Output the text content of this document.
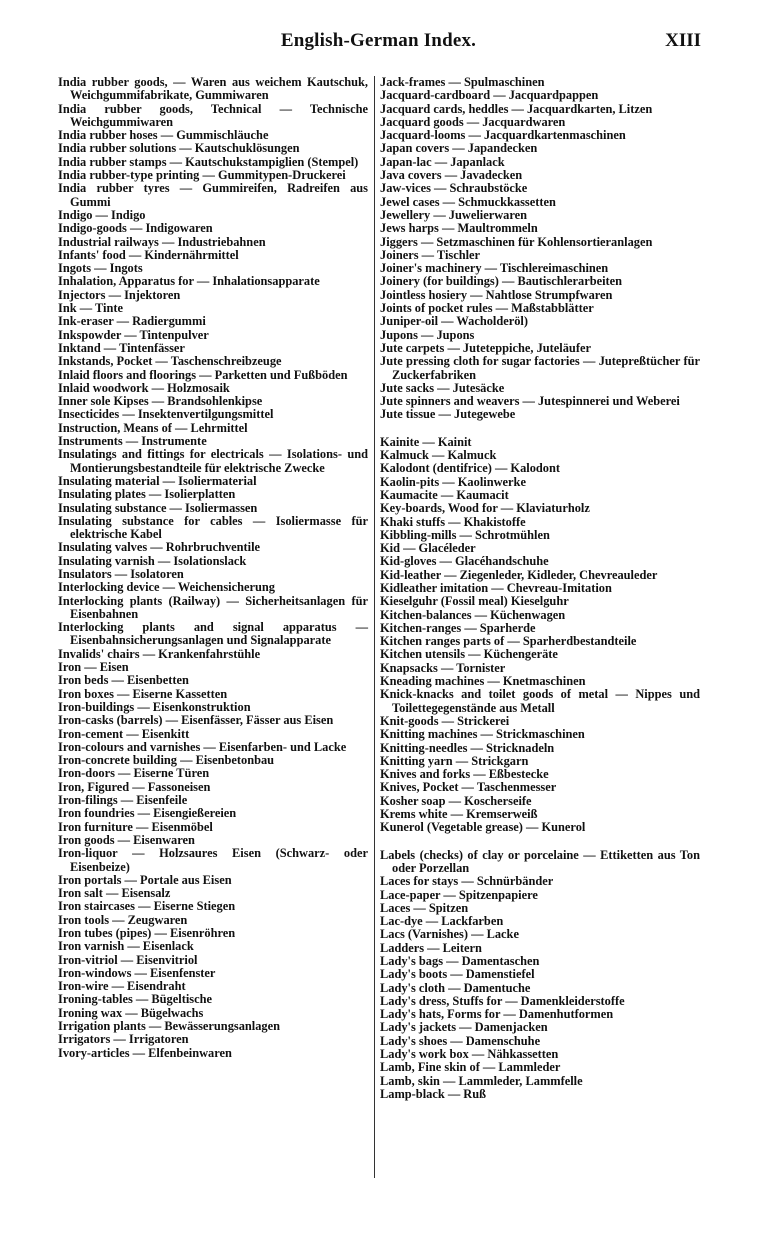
English-German Index.	XIII
India rubber goods, — Waren aus weichem Kautschuk, Weichgummifabrikate, Gummiwaren
India rubber goods, Technical — Technische Weichgummiwaren
India rubber hoses — Gummischläuche
India rubber solutions — Kautschuklösungen
India rubber stamps — Kautschukstampiglien (Stempel)
India rubber-type printing — Gummitypen-Druckerei
India rubber tyres — Gummireifen, Radreifen aus Gummi
Indigo — Indigo
Indigo-goods — Indigowaren
Industrial railways — Industriebahnen
Infants' food — Kindernährmittel
Ingots — Ingots
Inhalation, Apparatus for — Inhalationsapparate
Injectors — Injektoren
Ink — Tinte
Ink-eraser — Radiergummi
Inkspowder — Tintenpulver
Inktand — Tintenfässer
Inkstands, Pocket — Taschenschreibzeuge
Inlaid floors and floorings — Parketten und Fußböden
Inlaid woodwork — Holzmosaik
Inner sole Kipses — Brandsohlenkipse
Insecticides — Insektenvertilgungsmittel
Instruction, Means of — Lehrmittel
Instruments — Instrumente
Insulatings and fittings for electricals — Isolations- und Montierungsbestandteile für elektrische Zwecke
Insulating material — Isoliermaterial
Insulating plates — Isolierplatten
Insulating substance — Isoliermassen
Insulating substance for cables — Isoliermasse für elektrische Kabel
Insulating valves — Rohrbruchventile
Insulating varnish — Isolationslack
Insulators — Isolatoren
Interlocking device — Weichensicherung
Interlocking plants (Railway) — Sicherheitsanlagen für Eisenbahnen
Interlocking plants and signal apparatus — Eisenbahnsicherungsanlagen und Signalapparate
Invalids' chairs — Krankenfahrstühle
Iron — Eisen
Iron beds — Eisenbetten
Iron boxes — Eiserne Kassetten
Iron-buildings — Eisenkonstruktion
Iron-casks (barrels) — Eisenfässer, Fässer aus Eisen
Iron-cement — Eisenkitt
Iron-colours and varnishes — Eisenfarben- und Lacke
Iron-concrete building — Eisenbetonbau
Iron-doors — Eiserne Türen
Iron, Figured — Fassoneisen
Iron-filings — Eisenfeile
Iron foundries — Eisengießereien
Iron furniture — Eisenmöbel
Iron goods — Eisenwaren
Iron-liquor — Holzsaures Eisen (Schwarz- oder Eisenbeize)
Iron portals — Portale aus Eisen
Iron salt — Eisensalz
Iron staircases — Eiserne Stiegen
Iron tools — Zeugwaren
Iron tubes (pipes) — Eisenröhren
Iron varnish — Eisenlack
Iron-vitriol — Eisenvitriol
Iron-windows — Eisenfenster
Iron-wire — Eisendraht
Ironing-tables — Bügeltische
Ironing wax — Bügelwachs
Irrigation plants — Bewässerungsanlagen
Irrigators — Irrigatoren
Ivory-articles — Elfenbeinwaren
Jack-frames — Spulmaschinen
Jacquard-cardboard — Jacquardpappen
Jacquard cards, heddles — Jacquardkarten, Litzen
Jacquard goods — Jacquardwaren
Jacquard-looms — Jacquardkartenmaschinen
Japan covers — Japandecken
Japan-lac — Japanlack
Java covers — Javadecken
Jaw-vices — Schraubstöcke
Jewel cases — Schmuckkassetten
Jewellery — Juwelierwaren
Jews harps — Maultrommeln
Jiggers — Setzmaschinen für Kohlensortieranlagen
Joiners — Tischler
Joiner's machinery — Tischlereimaschinen
Joinery (for buildings) — Bautischlerarbeiten
Jointless hosiery — Nahtlose Strumpfwaren
Joints of pocket rules — Maßstabblätter
Juniper-oil — Wacholderöl)
Jupons — Jupons
Jute carpets — Juteteppiche, Juteläufer
Jute pressing cloth for sugar factories — Jutepreßtücher für Zuckerfabriken
Jute sacks — Jutesäcke
Jute spinners and weavers — Jutespinnerei und Weberei
Jute tissue — Jutegewebe
Kainite — Kainit
Kalmuck — Kalmuck
Kalodont (dentifrice) — Kalodont
Kaolin-pits — Kaolinwerke
Kaumacite — Kaumacit
Key-boards, Wood for — Klaviaturholz
Khaki stuffs — Khakistoffe
Kibbling-mills — Schrotmühlen
Kid — Glacéleder
Kid-gloves — Glacéhandschuhe
Kid-leather — Ziegenleder, Kidleder, Chevreauleder
Kidleather imitation — Chevreau-Imitation
Kieselguhr (Fossil meal) Kieselguhr
Kitchen-balances — Küchenwagen
Kitchen-ranges — Sparherde
Kitchen ranges parts of — Sparherdbestandteile
Kitchen utensils — Küchengeräte
Knapsacks — Tornister
Kneading machines — Knetmaschinen
Knick-knacks and toilet goods of metal — Nippes und Toilettegegenstände aus Metall
Knit-goods — Strickerei
Knitting machines — Strickmaschinen
Knitting-needles — Stricknadeln
Knitting yarn — Strickgarn
Knives and forks — Eßbestecke
Knives, Pocket — Taschenmesser
Kosher soap — Koscherseife
Krems white — Kremserweiß
Kunerol (Vegetable grease) — Kunerol
Labels (checks) of clay or porcelaine — Ettiketten aus Ton oder Porzellan
Laces for stays — Schnürbänder
Lace-paper — Spitzenpapiere
Laces — Spitzen
Lac-dye — Lackfarben
Lacs (Varnishes) — Lacke
Ladders — Leitern
Lady's bags — Damentaschen
Lady's boots — Damenstiefel
Lady's cloth — Damentuche
Lady's dress, Stuffs for — Damenkleiderstoffe
Lady's hats, Forms for — Damenhutformen
Lady's jackets — Damenjacken
Lady's shoes — Damenschuhe
Lady's work box — Nähkassetten
Lamb, Fine skin of — Lammleder
Lamb, skin — Lammleder, Lammfelle
Lamp-black — Ruß
